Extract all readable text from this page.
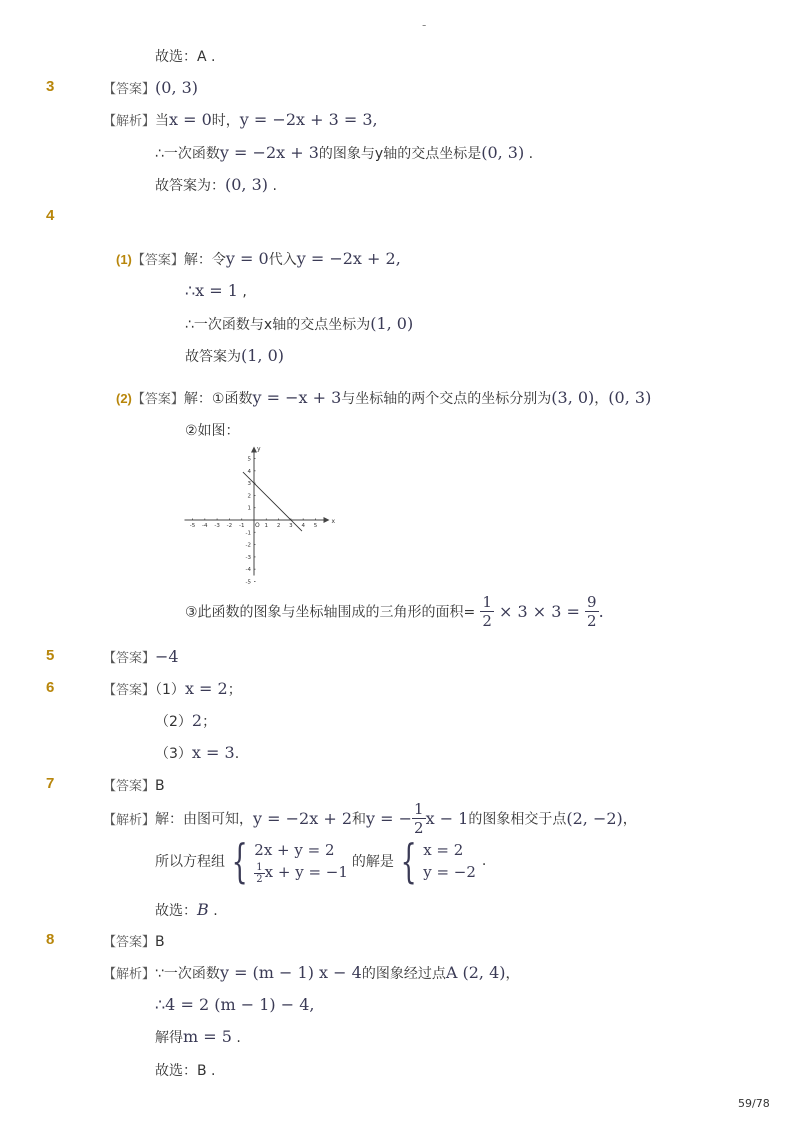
-
故选：A .
3	【答案】(0, 3)
【解析】当x = 0时，y = −2x + 3 = 3,
∴一次函数y = −2x + 3的图象与y轴的交点坐标是(0, 3) .
故答案为：(0, 3) .
4
(1)【答案】解：令y = 0代入y = −2x + 2,
∴x = 1 ,
∴一次函数与x轴的交点坐标为(1, 0)
故答案为(1, 0)
(2)【答案】解：①函数y = −x + 3与坐标轴的两个交点的坐标分别为(3, 0)，(0, 3)
②如图：
x
y
O
-5 -4 -3 -2 -1	1 2 3 4 5
5
4
3
2
1
-1
-2
-3
-4
-5
③此函数的图象与坐标轴围成的三角形的面积= $\frac{1}{2} \times 3 \times 3 = \frac{9}{2}$ .
5	【答案】−4
6	【答案】（1）x = 2；
（2）2；
（3）x = 3.
7	【答案】B
【解析】解：由图可知，y = −2x + 2和y = − $\frac{1}{2}$ x − 1的图象相交于点(2, −2)，
所以方程组 { 2x + y = 2
$\frac{1}{2}$ x + y = −1
的解是 { x = 2
y = −2
.
故选：B .
8	【答案】B
【解析】∵一次函数y = (m − 1) x − 4的图象经过点A (2, 4)，
∴4 = 2 (m − 1) − 4,
解得m = 5 .
故选：B .
59/78
